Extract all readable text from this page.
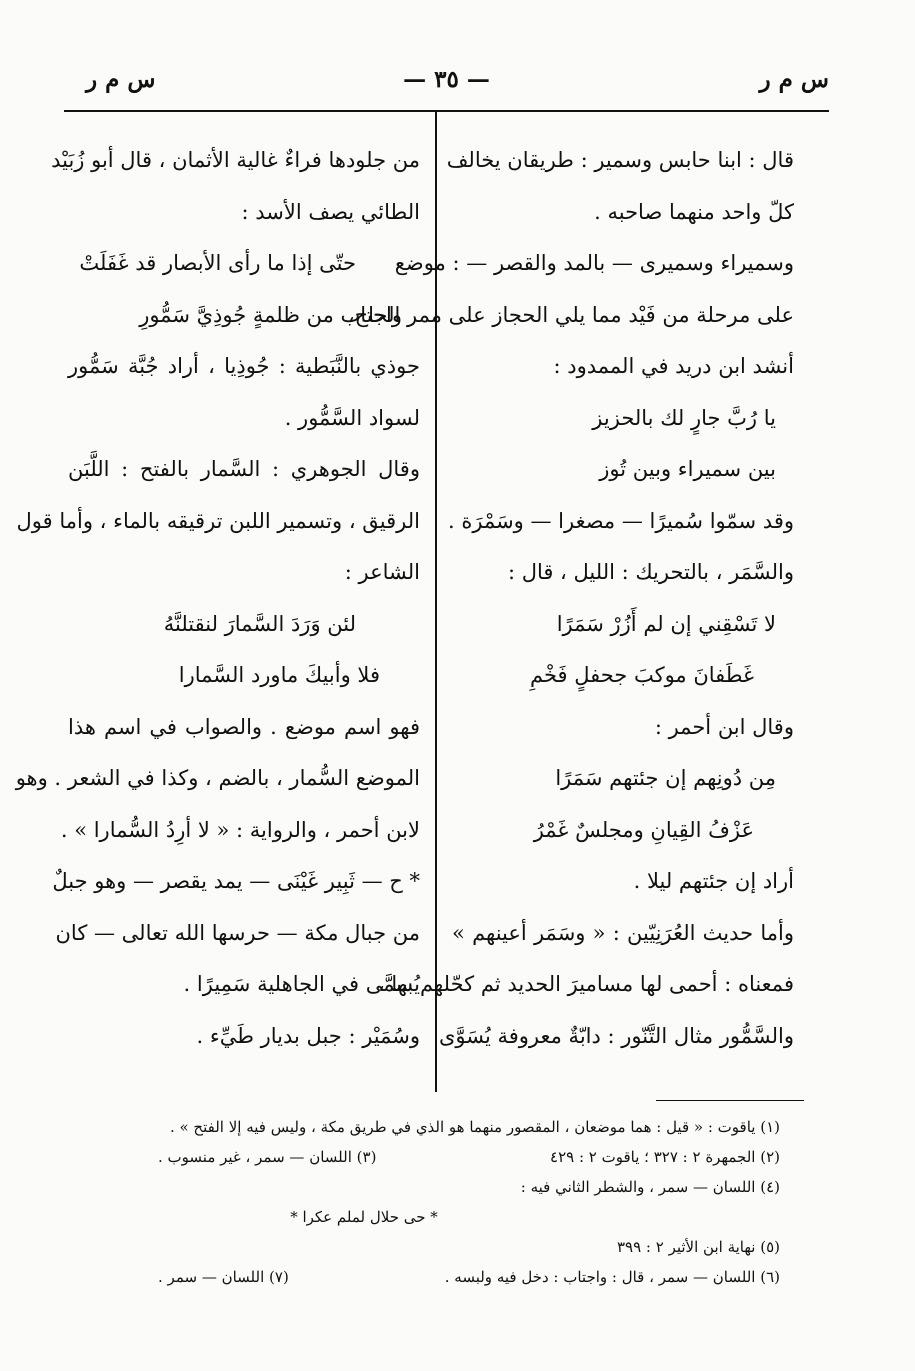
س م ر
— ٣٥ —
س م ر
قال : ابنا حابس وسمير : طريقان يخالف
كلّ واحد منهما صاحبه .
وسميراء وسميرى — بالمد والقصر — : موضع
على مرحلة من فَيْد مما يلي الحجاز على ممر الحاج،
أنشد ابن دريد في الممدود :
يا رُبَّ جارٍ لك بالحزيز
بين سميراء وبين تُوز
وقد سمّوا سُميرًا — مصغرا — وسَمْرَة .
والسَّمَر ، بالتحريك : الليل ، قال :
لا تَسْقِني إن لم أَزُرْ سَمَرًا
غَطَفانَ موكبَ جحفلٍ فَخْمِ
وقال ابن أحمر :
مِن دُونِهم إن جئتهم سَمَرًا
عَزْفُ القِيانِ ومجلسٌ غَمْرُ
أراد إن جئتهم ليلا .
وأما حديث العُرَنِيّين : « وسَمَر أعينهم »
فمعناه : أحمى لها مساميرَ الحديد ثم كحّلهم بها ،
والسَّمُّور مثال التَّنّور : دابّةٌ معروفة يُسَوَّى
من جلودها فراءٌ غالية الأثمان ، قال أبو زُبَيْد
الطائي يصف الأسد :
حتّى إذا ما رأى الأبصار قد غَفَلَتْ
واجتاب من ظلمةٍ جُوذِيَّ سَمُّورِ
جوذي بالنَّبَطية : جُوذِيا ، أراد جُبَّة سَمُّور
لسواد السَّمُّور .
وقال الجوهري : السَّمار بالفتح : اللَّبَن
الرقيق ، وتسمير اللبن ترقيقه بالماء ، وأما قول
الشاعر :
لئن وَرَدَ السَّمارَ لنقتلنَّهُ
فلا وأبيكَ ماورد السَّمارا
فهو اسم موضع . والصواب في اسم هذا
الموضع السُّمار ، بالضم ، وكذا في الشعر . وهو
لابن أحمر ، والرواية : « لا أرِدُ السُّمارا » .
* ح — ثَبِير غَيْنَى — يمد يقصر — وهو جبلٌ
من جبال مكة — حرسها الله تعالى — كان
يُسمَّى في الجاهلية سَمِيرًا .
وسُمَيْر : جبل بديار طَيِّء .
(١) ياقوت : « قيل : هما موضعان ، المقصور منهما هو الذي في طريق مكة ، وليس فيه إلا الفتح » .
(٢) الجمهرة ٢ : ٣٢٧ ؛ ياقوت ٢ : ٤٢٩
(٣) اللسان — سمر ، غير منسوب .
(٤) اللسان — سمر ، والشطر الثاني فيه :
* حى حلال لملم عكرا *
(٥) نهاية ابن الأثير ٢ : ٣٩٩
(٦) اللسان — سمر ، قال : واجتاب : دخل فيه ولبسه .
(٧) اللسان — سمر .
